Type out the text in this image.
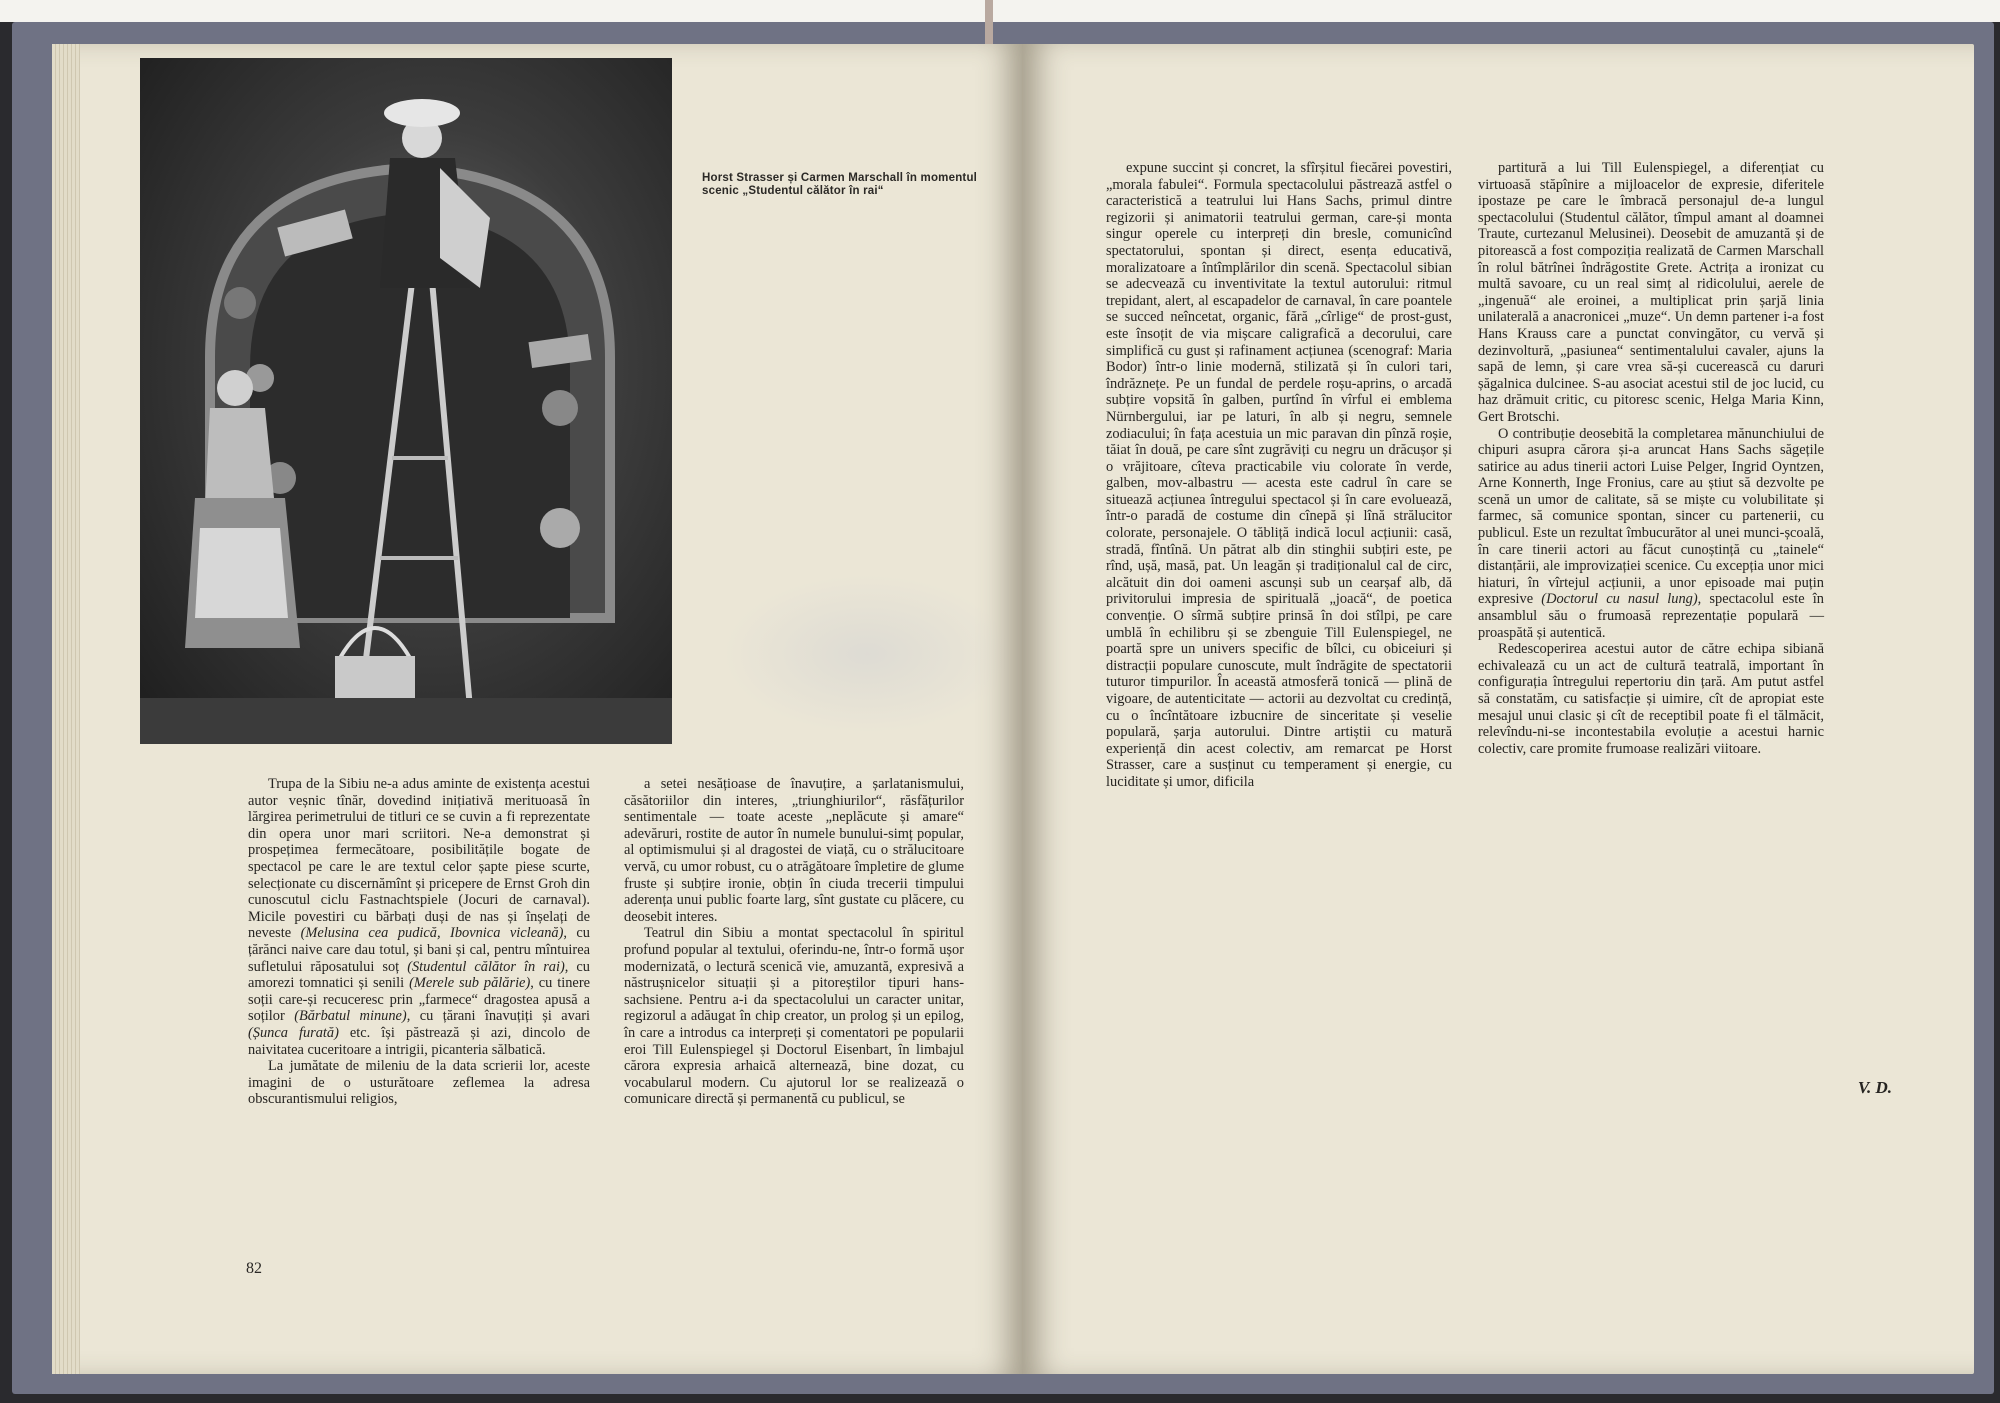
Horst Strasser și Carmen Marschall în momentul scenic „Studentul călător în rai“

Trupa de la Sibiu ne-a adus aminte de existența acestui autor veșnic tînăr, dovedind inițiativă merituoasă în lărgirea perimetrului de titluri ce se cuvin a fi reprezentate din opera unor mari scriitori. Ne-a demonstrat și prospețimea fermecătoare, posibilitățile bogate de spectacol pe care le are textul celor șapte piese scurte, selecționate cu discernămînt și pricepere de Ernst Groh din cunoscutul ciclu Fastnachtspiele (Jocuri de carnaval). Micile povestiri cu bărbați duși de nas și înșelați de neveste (Melusina cea pudică, Ibovnica vicleană), cu țărănci naive care dau totul, și bani și cal, pentru mîntuirea sufletului răposatului soț (Studentul călător în rai), cu amorezi tomnatici și senili (Merele sub pălărie), cu tinere soții care-și recuceresc prin „farmece“ dragostea apusă a soților (Bărbatul minune), cu țărani înavuțiți și avari (Șunca furată) etc. își păstrează și azi, dincolo de naivitatea cuceritoare a intrigii, picanteria sălbatică.

La jumătate de mileniu de la data scrierii lor, aceste imagini de o usturătoare zeflemea la adresa obscurantismului religios,

a setei nesățioase de înavuțire, a șarlatanismului, căsătoriilor din interes, „triunghiurilor“, răsfățurilor sentimentale — toate aceste „neplăcute și amare“ adevăruri, rostite de autor în numele bunului-simț popular, al optimismului și al dragostei de viață, cu o strălucitoare vervă, cu umor robust, cu o atrăgătoare împletire de glume fruste și subțire ironie, obțin în ciuda trecerii timpului aderența unui public foarte larg, sînt gustate cu plăcere, cu deosebit interes.

Teatrul din Sibiu a montat spectacolul în spiritul profund popular al textului, oferindu-ne, într-o formă ușor modernizată, o lectură scenică vie, amuzantă, expresivă a năstrușnicelor situații și a pitoreștilor tipuri hans-sachsiene. Pentru a-i da spectacolului un caracter unitar, regizorul a adăugat în chip creator, un prolog și un epilog, în care a introdus ca interpreți și comentatori pe popularii eroi Till Eulenspiegel și Doctorul Eisenbart, în limbajul cărora expresia arhaică alternează, bine dozat, cu vocabularul modern. Cu ajutorul lor se realizează o comunicare directă și permanentă cu publicul, se

82

expune succint și concret, la sfîrșitul fiecărei povestiri, „morala fabulei“. Formula spectacolului păstrează astfel o caracteristică a teatrului lui Hans Sachs, primul dintre regizorii și animatorii teatrului german, care-și monta singur operele cu interpreți din bresle, comunicînd spectatorului, spontan și direct, esența educativă, moralizatoare a întîmplărilor din scenă. Spectacolul sibian se adecvează cu inventivitate la textul autorului: ritmul trepidant, alert, al escapadelor de carnaval, în care poantele se succed neîncetat, organic, fără „cîrlige“ de prost-gust, este însoțit de via mișcare caligrafică a decorului, care simplifică cu gust și rafinament acțiunea (scenograf: Maria Bodor) într-o linie modernă, stilizată și în culori tari, îndrăznețe. Pe un fundal de perdele roșu-aprins, o arcadă subțire vopsită în galben, purtînd în vîrful ei emblema Nürnbergului, iar pe laturi, în alb și negru, semnele zodiacului; în fața acestuia un mic paravan din pînză roșie, tăiat în două, pe care sînt zugrăviți cu negru un drăcușor și o vrăjitoare, cîteva practicabile viu colorate în verde, galben, mov-albastru — acesta este cadrul în care se situează acțiunea întregului spectacol și în care evoluează, într-o paradă de costume din cînepă și lînă strălucitor colorate, personajele. O tăbliță indică locul acțiunii: casă, stradă, fîntînă. Un pătrat alb din stinghii subțiri este, pe rînd, ușă, masă, pat. Un leagăn și tradiționalul cal de circ, alcătuit din doi oameni ascunși sub un cearșaf alb, dă privitorului impresia de spirituală „joacă“, de poetica convenție. O sîrmă subțire prinsă în doi stîlpi, pe care umblă în echilibru și se zbenguie Till Eulenspiegel, ne poartă spre un univers specific de bîlci, cu obiceiuri și distracții populare cunoscute, mult îndrăgite de spectatorii tuturor timpurilor. În această atmosferă tonică — plină de vigoare, de autenticitate — actorii au dezvoltat cu credință, cu o încîntătoare izbucnire de sinceritate și veselie populară, șarja autorului. Dintre artiștii cu matură experiență din acest colectiv, am remarcat pe Horst Strasser, care a susținut cu temperament și energie, cu luciditate și umor, dificila

partitură a lui Till Eulenspiegel, a diferențiat cu virtuoasă stăpînire a mijloacelor de expresie, diferitele ipostaze pe care le îmbracă personajul de-a lungul spectacolului (Studentul călător, tîmpul amant al doamnei Traute, curtezanul Melusinei). Deosebit de amuzantă și de pitorească a fost compoziția realizată de Carmen Marschall în rolul bătrînei îndrăgostite Grete. Actrița a ironizat cu multă savoare, cu un real simț al ridicolului, aerele de „ingenuă“ ale eroinei, a multiplicat prin șarjă linia unilaterală a anacronicei „muze“. Un demn partener i-a fost Hans Krauss care a punctat convingător, cu vervă și dezinvoltură, „pasiunea“ sentimentalului cavaler, ajuns la sapă de lemn, și care vrea să-și cucerească cu daruri șăgalnica dulcinee. S-au asociat acestui stil de joc lucid, cu haz drămuit critic, cu pitoresc scenic, Helga Maria Kinn, Gert Brotschi.

O contribuție deosebită la completarea mănunchiului de chipuri asupra cărora și-a aruncat Hans Sachs săgețile satirice au adus tinerii actori Luise Pelger, Ingrid Oyntzen, Arne Konnerth, Inge Fronius, care au știut să dezvolte pe scenă un umor de calitate, să se miște cu volubilitate și farmec, să comunice spontan, sincer cu partenerii, cu publicul. Este un rezultat îmbucurător al unei munci-școală, în care tinerii actori au făcut cunoștință cu „tainele“ distanțării, ale improvizației scenice. Cu excepția unor mici hiaturi, în vîrtejul acțiunii, a unor episoade mai puțin expresive (Doctorul cu nasul lung), spectacolul este în ansamblul său o frumoasă reprezentație populară — proaspătă și autentică.

Redescoperirea acestui autor de către echipa sibiană echivalează cu un act de cultură teatrală, important în configurația întregului repertoriu din țară. Am putut astfel să constatăm, cu satisfacție și uimire, cît de apropiat este mesajul unui clasic și cît de receptibil poate fi el tălmăcit, relevîndu-ni-se incontestabila evoluție a acestui harnic colectiv, care promite frumoase realizări viitoare.

V. D.
